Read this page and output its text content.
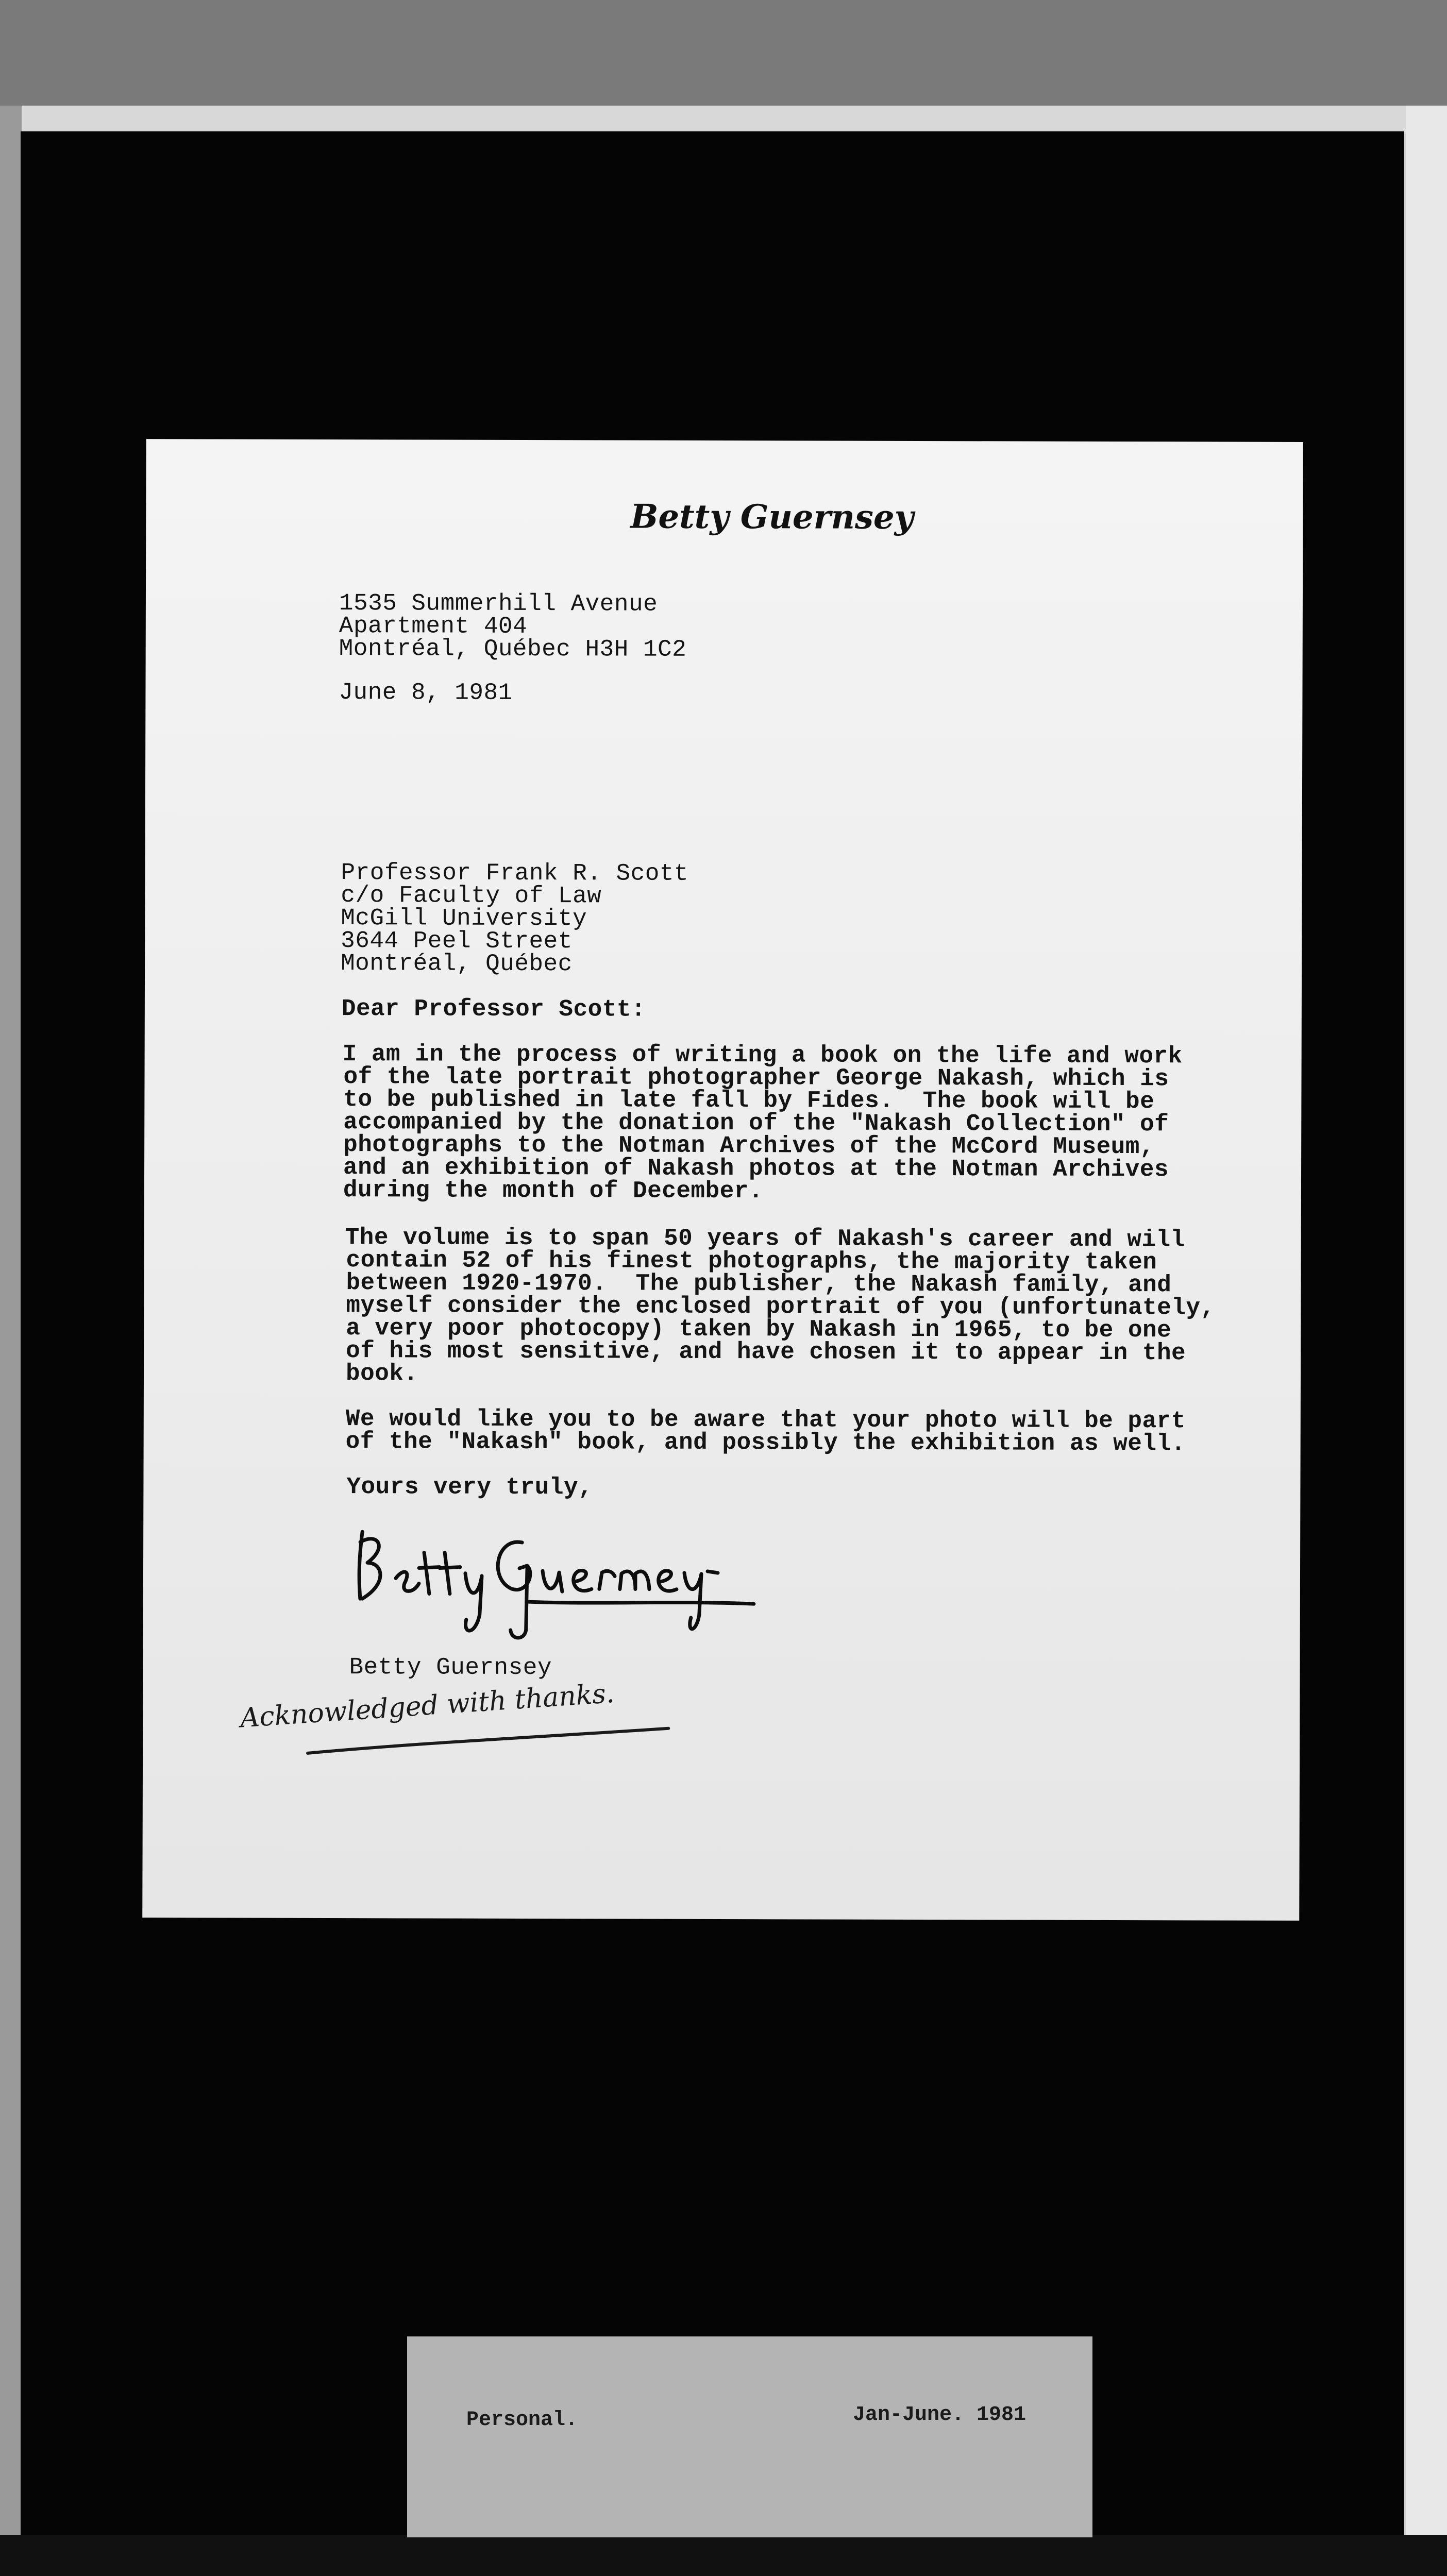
Betty Guernsey
1535 Summerhill Avenue
Apartment 404
Montréal, Québec H3H 1C2
June 8, 1981
Professor Frank R. Scott
c/o Faculty of Law
McGill University
3644 Peel Street
Montréal, Québec
Dear Professor Scott:
I am in the process of writing a book on the life and work
of the late portrait photographer George Nakash, which is
to be published in late fall by Fides.  The book will be
accompanied by the donation of the "Nakash Collection" of
photographs to the Notman Archives of the McCord Museum,
and an exhibition of Nakash photos at the Notman Archives
during the month of December.
The volume is to span 50 years of Nakash's career and will
contain 52 of his finest photographs, the majority taken
between 1920-1970.  The publisher, the Nakash family, and
myself consider the enclosed portrait of you (unfortunately,
a very poor photocopy) taken by Nakash in 1965, to be one
of his most sensitive, and have chosen it to appear in the
book.
We would like you to be aware that your photo will be part
of the "Nakash" book, and possibly the exhibition as well.
Yours very truly,
Betty Guernsey
Acknowledged with thanks.
Personal.	Jan-June. 1981
